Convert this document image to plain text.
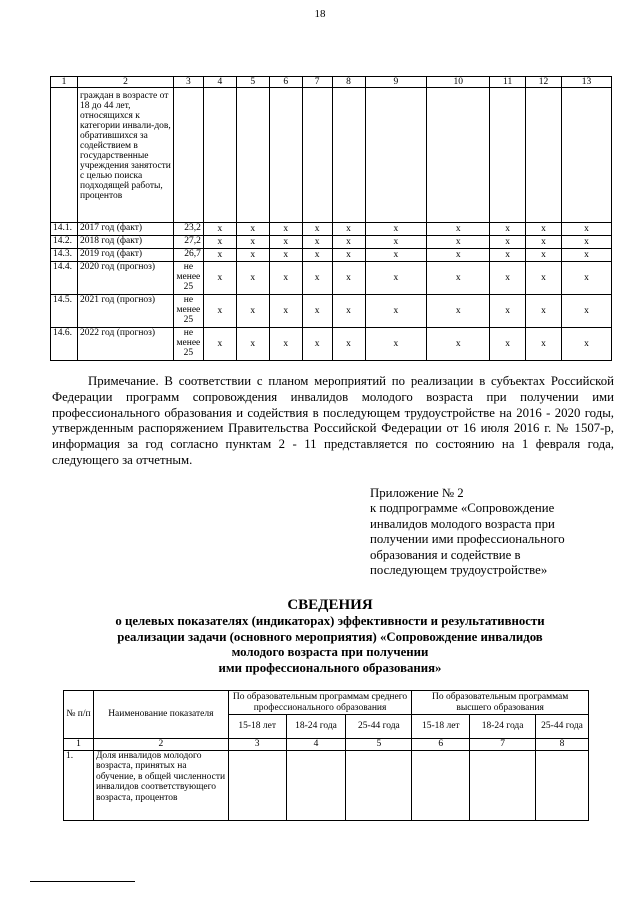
18
1	2	3	4	5	6	7	8	9	10	11	12	13
	граждан в возрасте от 18 до 44 лет, относящихся к категории инвали-дов, обратившихся за содействием в государственные учреждения занятости с целью поиска подходящей работы, процентов											
14.1.	2017 год (факт)	23,2	x	x	x	x	x	x	x	x	x	x
14.2.	2018 год (факт)	27,2	x	x	x	x	x	x	x	x	x	x
14.3.	2019 год (факт)	26,7	x	x	x	x	x	x	x	x	x	x
14.4.	2020 год (прогноз)	не менее 25	x	x	x	x	x	x	x	x	x	x
14.5.	2021 год (прогноз)	не менее 25	x	x	x	x	x	x	x	x	x	x
14.6.	2022 год (прогноз)	не менее 25	x	x	x	x	x	x	x	x	x	x

Примечание. В соответствии с планом мероприятий по реализации в субъектах Российской Федерации программ сопровождения инвалидов молодого возраста при получении ими профессионального образования и содействия в последующем трудоустройстве на 2016 - 2020 годы, утвержденным распоряжением Правительства Российской Федерации от 16 июля 2016 г. № 1507-р, информация за год согласно пунктам 2 - 11 представляется по состоянию на 1 февраля года, следующего за отчетным.

Приложение № 2
к подпрограмме «Сопровождение
инвалидов молодого возраста при
получении ими профессионального
образования и содействие в
последующем трудоустройстве»
СВЕДЕНИЯ
о целевых показателях (индикаторах) эффективности и результативности
реализации задачи (основного мероприятия) «Сопровождение инвалидов
молодого возраста при получении
ими профессионального образования»
№ п/п	Наименование показателя	По образовательным программам среднего профессионального образования			По образовательным программам высшего образования		
		15-18 лет	18-24 года	25-44 года	15-18 лет	18-24 года	25-44 года
1	2	3	4	5	6	7	8
1.	Доля инвалидов молодого возраста, принятых на обучение, в общей численности инвалидов соответствующего возраста, процентов						
